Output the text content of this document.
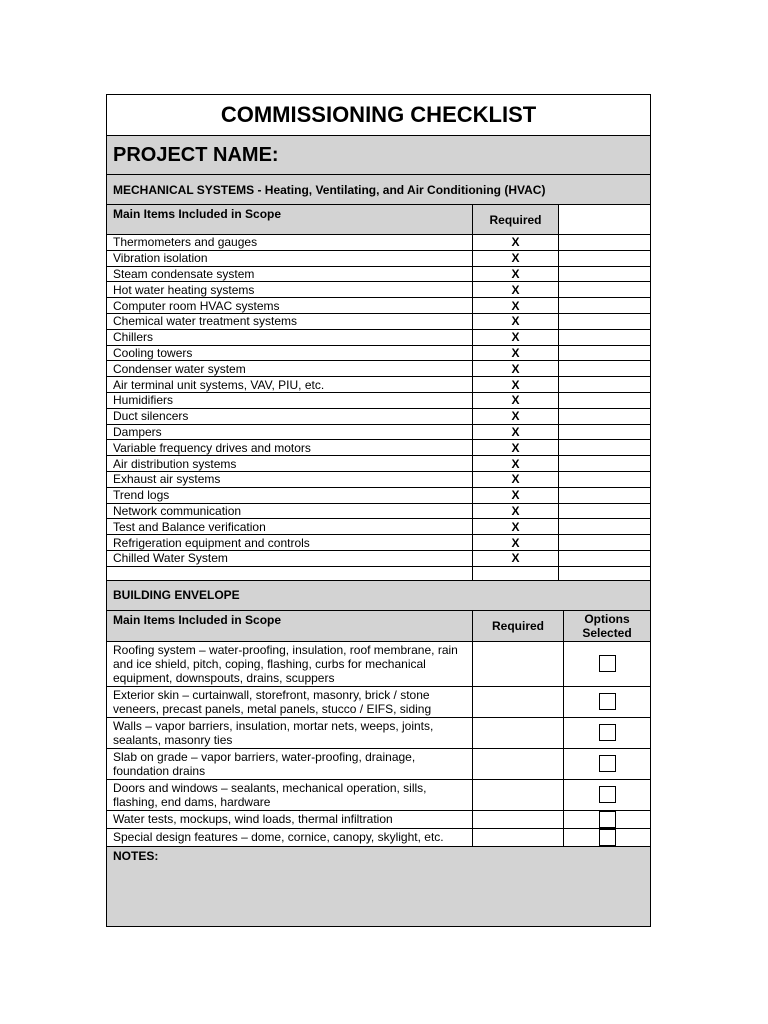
COMMISSIONING CHECKLIST			
PROJECT NAME:			
MECHANICAL SYSTEMS - Heating, Ventilating, and Air Conditioning (HVAC)			
Main Items Included in Scope	Required		
Thermometers and gauges	X		
Vibration isolation	X		
Steam condensate system	X		
Hot water heating systems	X		
Computer room HVAC systems	X		
Chemical water treatment systems	X		
Chillers	X		
Cooling towers	X		
Condenser water system	X		
Air terminal unit systems, VAV, PIU, etc.	X		
Humidifiers	X		
Duct silencers	X		
Dampers	X		
Variable frequency drives and motors	X		
Air distribution systems	X		
Exhaust air systems	X		
Trend logs	X		
Network communication	X		
Test and Balance verification	X		
Refrigeration equipment and controls	X		
Chilled Water System	X		

BUILDING ENVELOPE			
Main Items Included in Scope	Required		Options Selected
Roofing system – water-proofing, insulation, roof membrane, rain and ice shield, pitch, coping, flashing, curbs for mechanical equipment, downspouts, drains, scuppers			
Exterior skin – curtainwall, storefront, masonry, brick / stone veneers, precast panels, metal panels, stucco / EIFS, siding			
Walls – vapor barriers, insulation, mortar nets, weeps, joints, sealants, masonry ties			
Slab on grade – vapor barriers, water-proofing, drainage, foundation drains			
Doors and windows – sealants, mechanical operation, sills, flashing, end dams, hardware			
Water tests, mockups, wind loads, thermal infiltration			
Special design features – dome, cornice, canopy, skylight, etc.			
NOTES:			
